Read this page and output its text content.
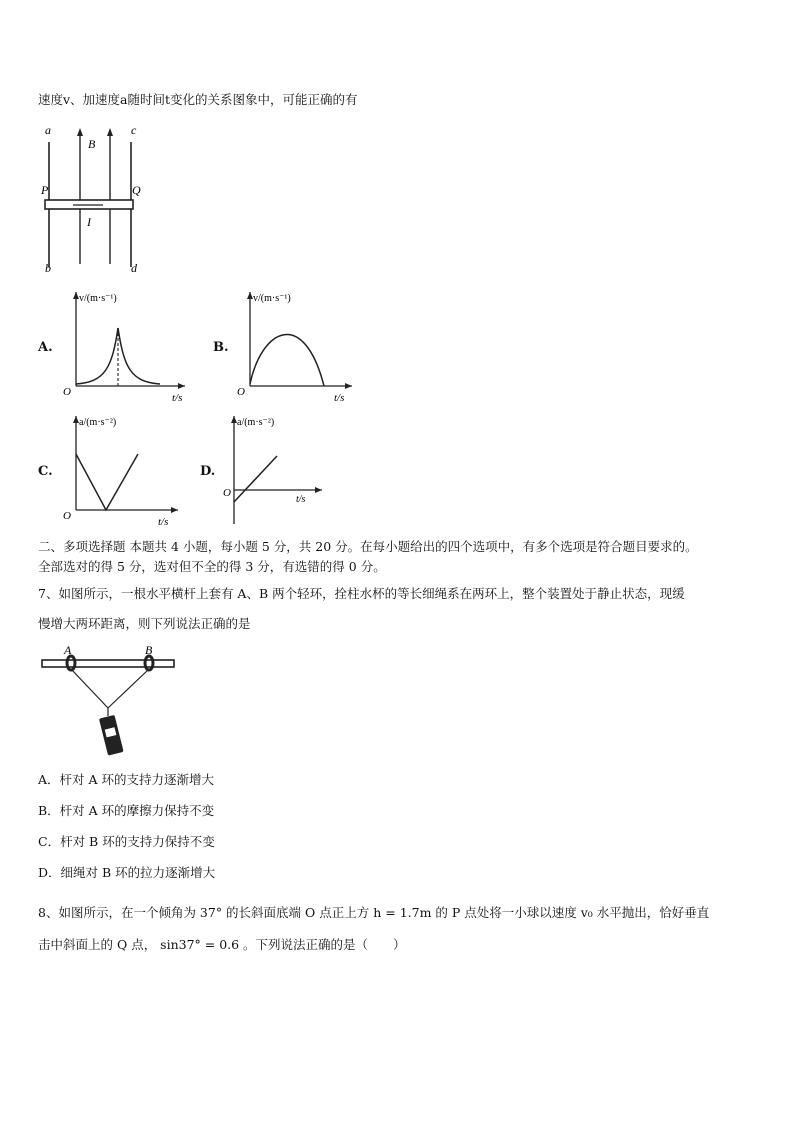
速度v、加速度a随时间t变化的关系图象中，可能正确的有
a	c
b	d
B
P	Q
I
A.
v/(m·s⁻¹)
t/s
O
B.
v/(m·s⁻¹)
t/s
O
C.
a/(m·s⁻²)
t/s
O
D.
a/(m·s⁻²)
t/s
O
二、多项选择题 本题共 4 小题，每小题 5 分，共 20 分。在每小题给出的四个选项中，有多个选项是符合题目要求的。
全部选对的得 5 分，选对但不全的得 3 分，有选错的得 0 分。
7、如图所示，一根水平横杆上套有 A、B 两个轻环，拴柱水杯的等长细绳系在两环上，整个装置处于静止状态，现缓
慢增大两环距离，则下列说法正确的是
A	B
A．杆对 A 环的支持力逐渐增大
B．杆对 A 环的摩擦力保持不变
C．杆对 B 环的支持力保持不变
D．细绳对 B 环的拉力逐渐增大
8、如图所示，在一个倾角为 37° 的长斜面底端 O 点正上方 h = 1.7m 的 P 点处将一小球以速度 v₀ 水平抛出，恰好垂直
击中斜面上的 Q 点， sin37° = 0.6 。下列说法正确的是（　　）
